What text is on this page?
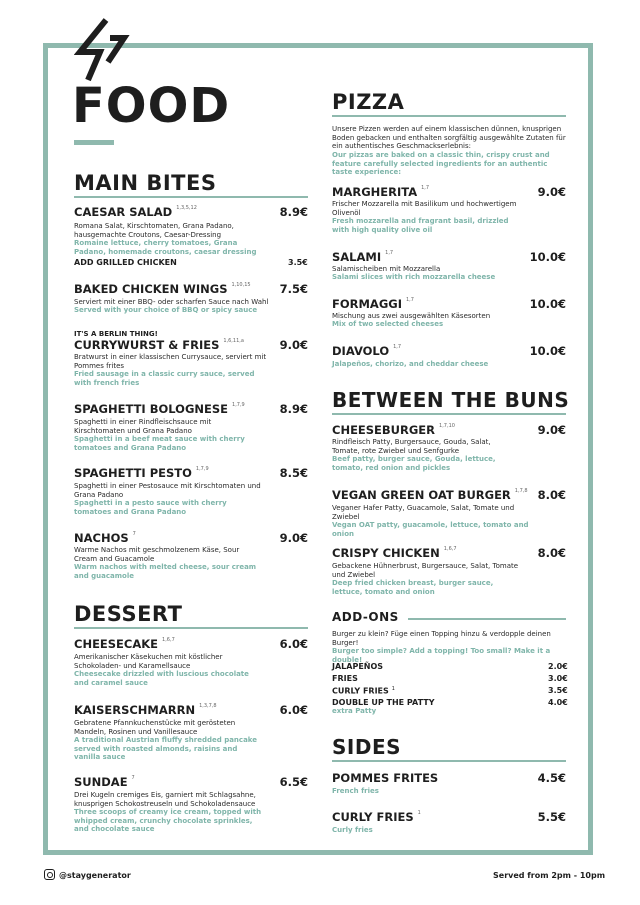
FOOD
MAIN BITES
CAESAR SALAD $^{1,3,5,12}$	8.9€
Romana Salat, Kirschtomaten, Grana Padano, hausgemachte Croutons, Caesar-Dressing
Romaine lettuce, cherry tomatoes, Grana Padano, homemade croutons, caesar dressing
ADD GRILLED CHICKEN	3.5€
BAKED CHICKEN WINGS $^{1,10,15}$	7.5€
Serviert mit einer BBQ- oder scharfen Sauce nach Wahl
Served with your choice of BBQ or spicy sauce
IT'S A BERLIN THING!
CURRYWURST & FRIES $^{1,6,11,a}$	9.0€
Bratwurst in einer klassischen Currysauce, serviert mit Pommes frites
Fried sausage in a classic curry sauce, served with french fries
SPAGHETTI BOLOGNESE $^{1,7,9}$	8.9€
Spaghetti in einer Rindfleischsauce mit Kirschtomaten und Grana Padano
Spaghetti in a beef meat sauce with cherry tomatoes and Grana Padano
SPAGHETTI PESTO $^{1,7,9}$	8.5€
Spaghetti in einer Pestosauce mit Kirschtomaten und Grana Padano
Spaghetti in a pesto sauce with cherry tomatoes and Grana Padano
NACHOS $^7$	9.0€
Warme Nachos mit geschmolzenem Käse, Sour Cream and Guacamole
Warm nachos with melted cheese, sour cream and guacamole
DESSERT
CHEESECAKE $^{1,6,7}$	6.0€
Amerikanischer Käsekuchen mit köstlicher Schokoladen- und Karamellsauce
Cheesecake drizzled with luscious chocolate and caramel sauce
KAISERSCHMARRN $^{1,3,7,8}$	6.0€
Gebratene Pfannkuchenstücke mit gerösteten Mandeln, Rosinen und Vanillesauce
A traditional Austrian fluffy shredded pancake served with roasted almonds, raisins and vanilla sauce
SUNDAE $^7$	6.5€
Drei Kugeln cremiges Eis, garniert mit Schlagsahne, knusprigen Schokostreuseln und Schokoladensauce
Three scoops of creamy ice cream, topped with whipped cream, crunchy chocolate sprinkles, and chocolate sauce
PIZZA
Unsere Pizzen werden auf einem klassischen dünnen, knusprigen Boden gebacken und enthalten sorgfältig ausgewählte Zutaten für ein authentisches Geschmackserlebnis:
Our pizzas are baked on a classic thin, crispy crust and feature carefully selected ingredients for an authentic taste experience:
MARGHERITA $^{1,7}$	9.0€
Frischer Mozzarella mit Basilikum und hochwertigem Olivenöl
Fresh mozzarella and fragrant basil, drizzled with high quality olive oil
SALAMI $^{1,7}$	10.0€
Salamischeiben mit Mozzarella
Salami slices with rich mozzarella cheese
FORMAGGI $^{1,7}$	10.0€
Mischung aus zwei ausgewählten Käsesorten
Mix of two selected cheeses
DIAVOLO $^{1,7}$	10.0€
Jalapeños, chorizo, and cheddar cheese
BETWEEN THE BUNS
CHEESEBURGER $^{1,7,10}$	9.0€
Rindfleisch Patty, Burgersauce, Gouda, Salat, Tomate, rote Zwiebel und Senfgurke
Beef patty, burger sauce, Gouda, lettuce, tomato, red onion and pickles
VEGAN GREEN OAT BURGER $^{1,7,8}$ 8.0€
Veganer Hafer Patty, Guacamole, Salat, Tomate und Zwiebel
Vegan OAT patty, guacamole, lettuce, tomato and onion
CRISPY CHICKEN $^{1,6,7}$	8.0€
Gebackene Hühnerbrust, Burgersauce, Salat, Tomate und Zwiebel
Deep fried chicken breast, burger sauce, lettuce, tomato and onion
ADD-ONS
Burger zu klein? Füge einen Topping hinzu & verdopple deinen Burger!
Burger too simple? Add a topping! Too small? Make it a double!
JALAPEÑOS	2.0€
FRIES	3.0€
CURLY FRIES $^1$	3.5€
DOUBLE UP THE PATTY	4.0€
extra Patty
SIDES
POMMES FRITES	4.5€
French fries
CURLY FRIES $^1$	5.5€
Curly fries
@staygenerator	Served from 2pm - 10pm
